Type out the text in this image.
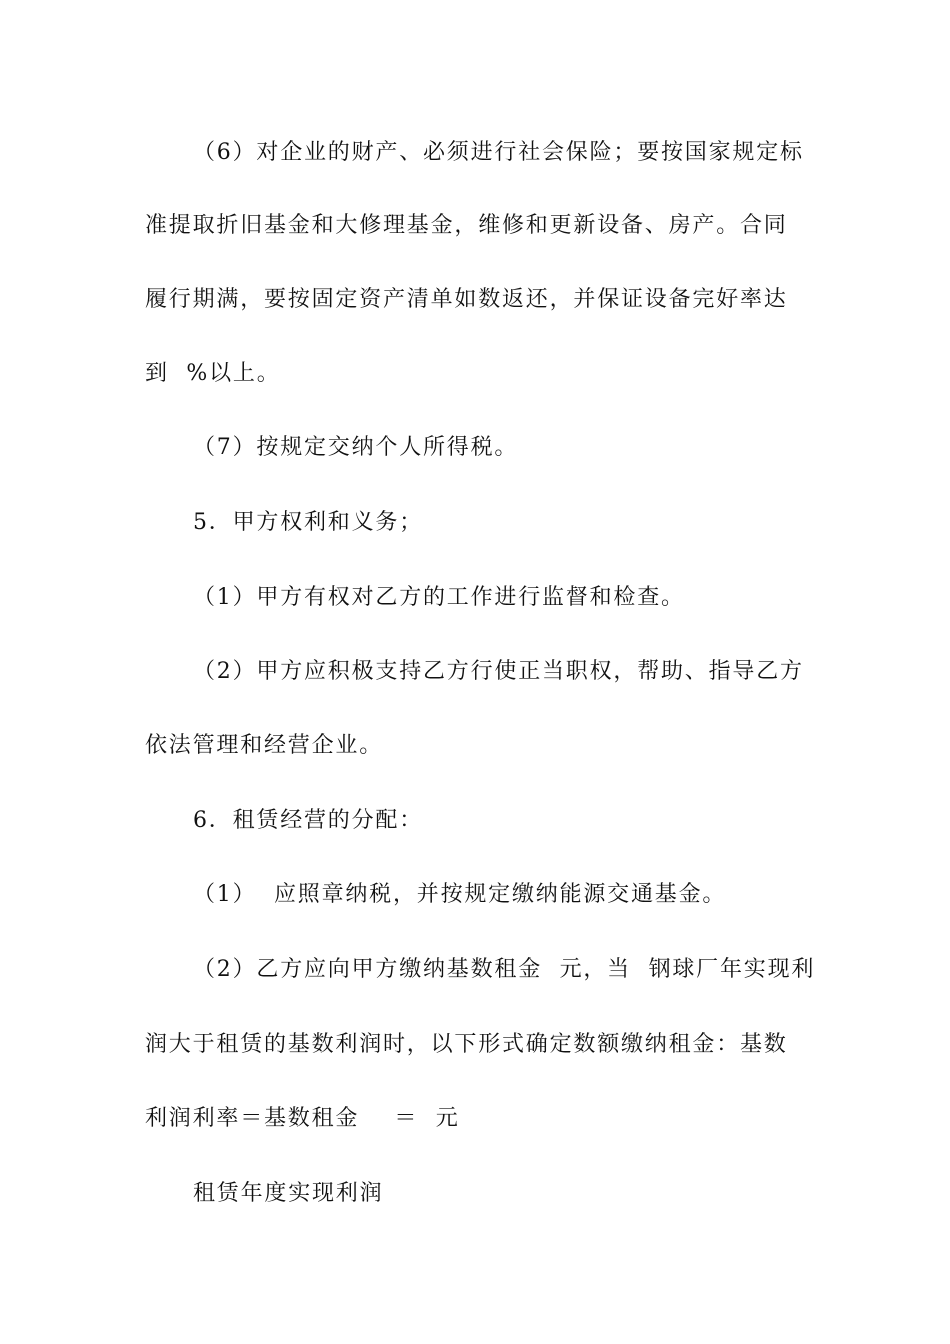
（6）对企业的财产、必须进行社会保险；要按国家规定标
准提取折旧基金和大修理基金，维修和更新设备、房产。合同
履行期满，要按固定资产清单如数返还，并保证设备完好率达
到  %以上。
（7）按规定交纳个人所得税。
5．甲方权利和义务；
（1）甲方有权对乙方的工作进行监督和检查。
（2）甲方应积极支持乙方行使正当职权，帮助、指导乙方
依法管理和经营企业。
6．租赁经营的分配：
（1）  应照章纳税，并按规定缴纳能源交通基金。
（2）乙方应向甲方缴纳基数租金  元，当  钢球厂年实现利
润大于租赁的基数利润时，以下形式确定数额缴纳租金：基数
利润利率＝基数租金    ＝  元
租赁年度实现利润
